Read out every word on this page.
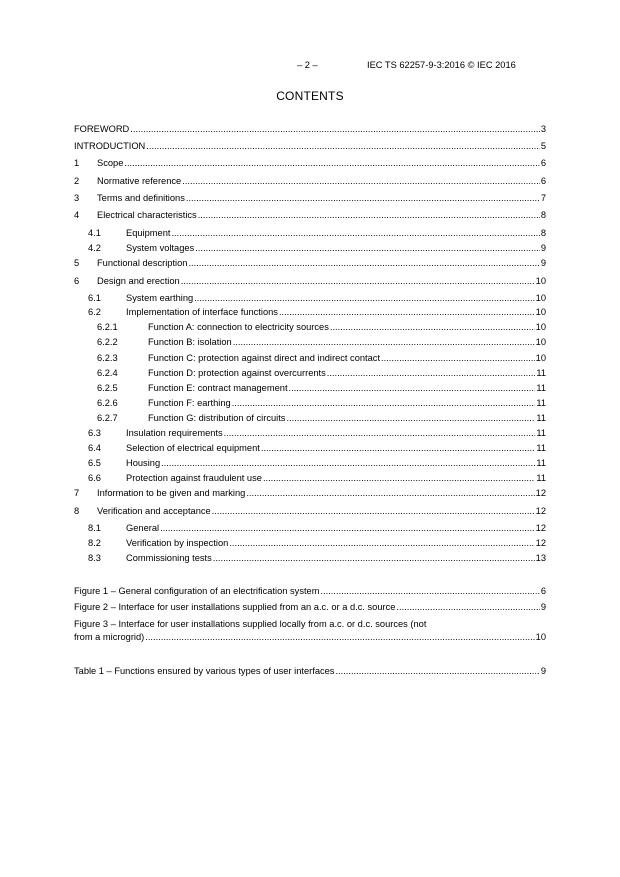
– 2 –	IEC TS 62257-9-3:2016 © IEC 2016
CONTENTS
FOREWORD .....	3
INTRODUCTION .....	5
1	Scope .....	6
2	Normative reference .....	6
3	Terms and definitions .....	7
4	Electrical characteristics .....	8
4.1	Equipment .....	8
4.2	System voltages .....	9
5	Functional description .....	9
6	Design and erection .....	10
6.1	System earthing .....	10
6.2	Implementation of interface functions .....	10
6.2.1	Function A: connection to electricity sources .....	10
6.2.2	Function B: isolation .....	10
6.2.3	Function C: protection against direct and indirect contact .....	10
6.2.4	Function D: protection against overcurrents .....	11
6.2.5	Function E: contract management .....	11
6.2.6	Function F: earthing .....	11
6.2.7	Function G: distribution of circuits .....	11
6.3	Insulation requirements .....	11
6.4	Selection of electrical equipment .....	11
6.5	Housing .....	11
6.6	Protection against fraudulent use .....	11
7	Information to be given and marking .....	12
8	Verification and acceptance .....	12
8.1	General .....	12
8.2	Verification by inspection .....	12
8.3	Commissioning tests .....	13
Figure 1 – General configuration of an electrification system .....	6
Figure 2 – Interface for user installations supplied from an a.c. or a d.c. source .....	9
Figure 3 – Interface for user installations supplied locally from a.c. or d.c. sources (not
from a microgrid) .....	10
Table 1 – Functions ensured by various types of user interfaces .....	9
